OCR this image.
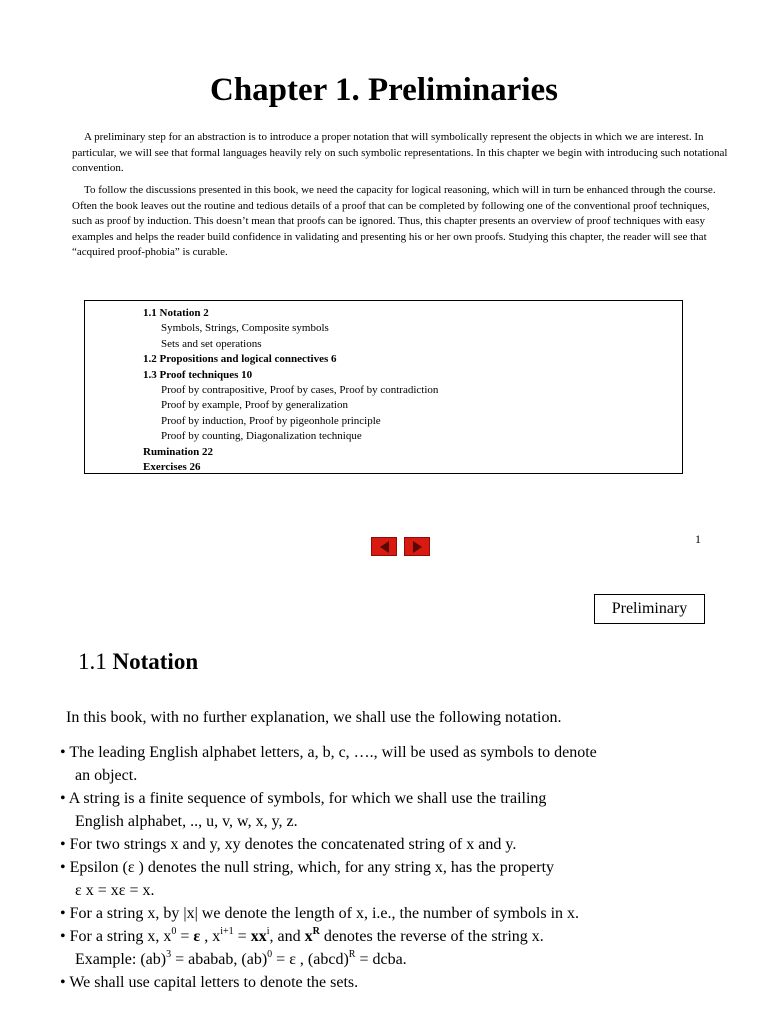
Chapter 1. Preliminaries

A preliminary step for an abstraction is to introduce a proper notation that will symbolically represent the objects in which we are interest. In particular, we will see that formal languages heavily rely on such symbolic representations. In this chapter we begin with introducing such notational convention.

To follow the discussions presented in this book, we need the capacity for logical reasoning, which will in turn be enhanced through the course. Often the book leaves out the routine and tedious details of a proof that can be completed by following one of the conventional proof techniques, such as proof by induction. This doesn’t mean that proofs can be ignored. Thus, this chapter presents an overview of proof techniques with easy examples and helps the reader build confidence in validating and presenting his or her own proofs. Studying this chapter, the reader will see that “acquired proof-phobia” is curable.

1.1 Notation 2
Symbols, Strings, Composite symbols
Sets and set operations
1.2 Propositions and logical connectives 6
1.3 Proof techniques 10
Proof by contrapositive, Proof by cases, Proof by contradiction
Proof by example, Proof by generalization
Proof by induction, Proof by pigeonhole principle
Proof by counting, Diagonalization technique
Rumination 22
Exercises 26
1
Preliminary
1.1 Notation

In this book, with no further explanation, we shall use the following notation.

• The leading English alphabet letters, a, b, c, …., will be used as symbols to denote
an object.
• A string is a finite sequence of symbols, for which we shall use the trailing
English alphabet, .., u, v, w, x, y, z.
• For two strings x and y, xy denotes the concatenated string of x and y.
• Epsilon (ε ) denotes the null string, which, for any string x, has the property
ε x = xε = x.
• For a string x, by |x| we denote the length of x, i.e., the number of symbols in x.
• For a string x, $x^0 = \varepsilon$ , $x^{i+1} = xx^i$, and $x^R$ denotes the reverse of the string x.
Example: (ab)$^3$ = ababab, (ab)$^0$ = ε , (abcd)$^R$ = dcba.
• We shall use capital letters to denote the sets.
